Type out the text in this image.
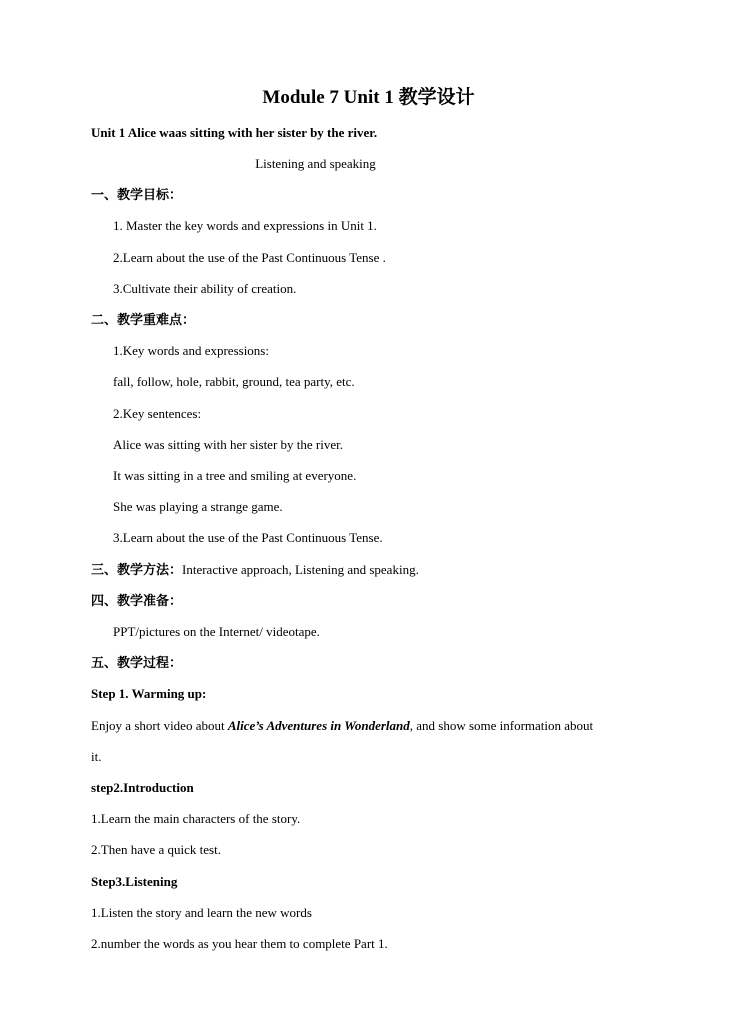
Module 7 Unit 1 教学设计
Unit 1 Alice waas sitting with her sister by the river.
Listening and speaking
一、教学目标：
1. Master the key words and expressions in Unit 1.
2.Learn about the use of the Past Continuous Tense .
3.Cultivate their ability of creation.
二、教学重难点：
1.Key words and expressions:
fall, follow, hole, rabbit, ground, tea party, etc.
2.Key sentences:
Alice was sitting with her sister by the river.
It was sitting in a tree and smiling at everyone.
She was playing a strange game.
3.Learn about the use of the Past Continuous Tense.
三、教学方法：Interactive approach, Listening and speaking.
四、教学准备：
PPT/pictures on the Internet/ videotape.
五、教学过程：
Step 1. Warming up:
Enjoy a short video about Alice’s Adventures in Wonderland, and show some information about
it.
step2.Introduction
1.Learn the main characters of the story.
2.Then have a quick test.
Step3.Listening
1.Listen the story and learn the new words
2.number the words as you hear them to complete Part 1.
